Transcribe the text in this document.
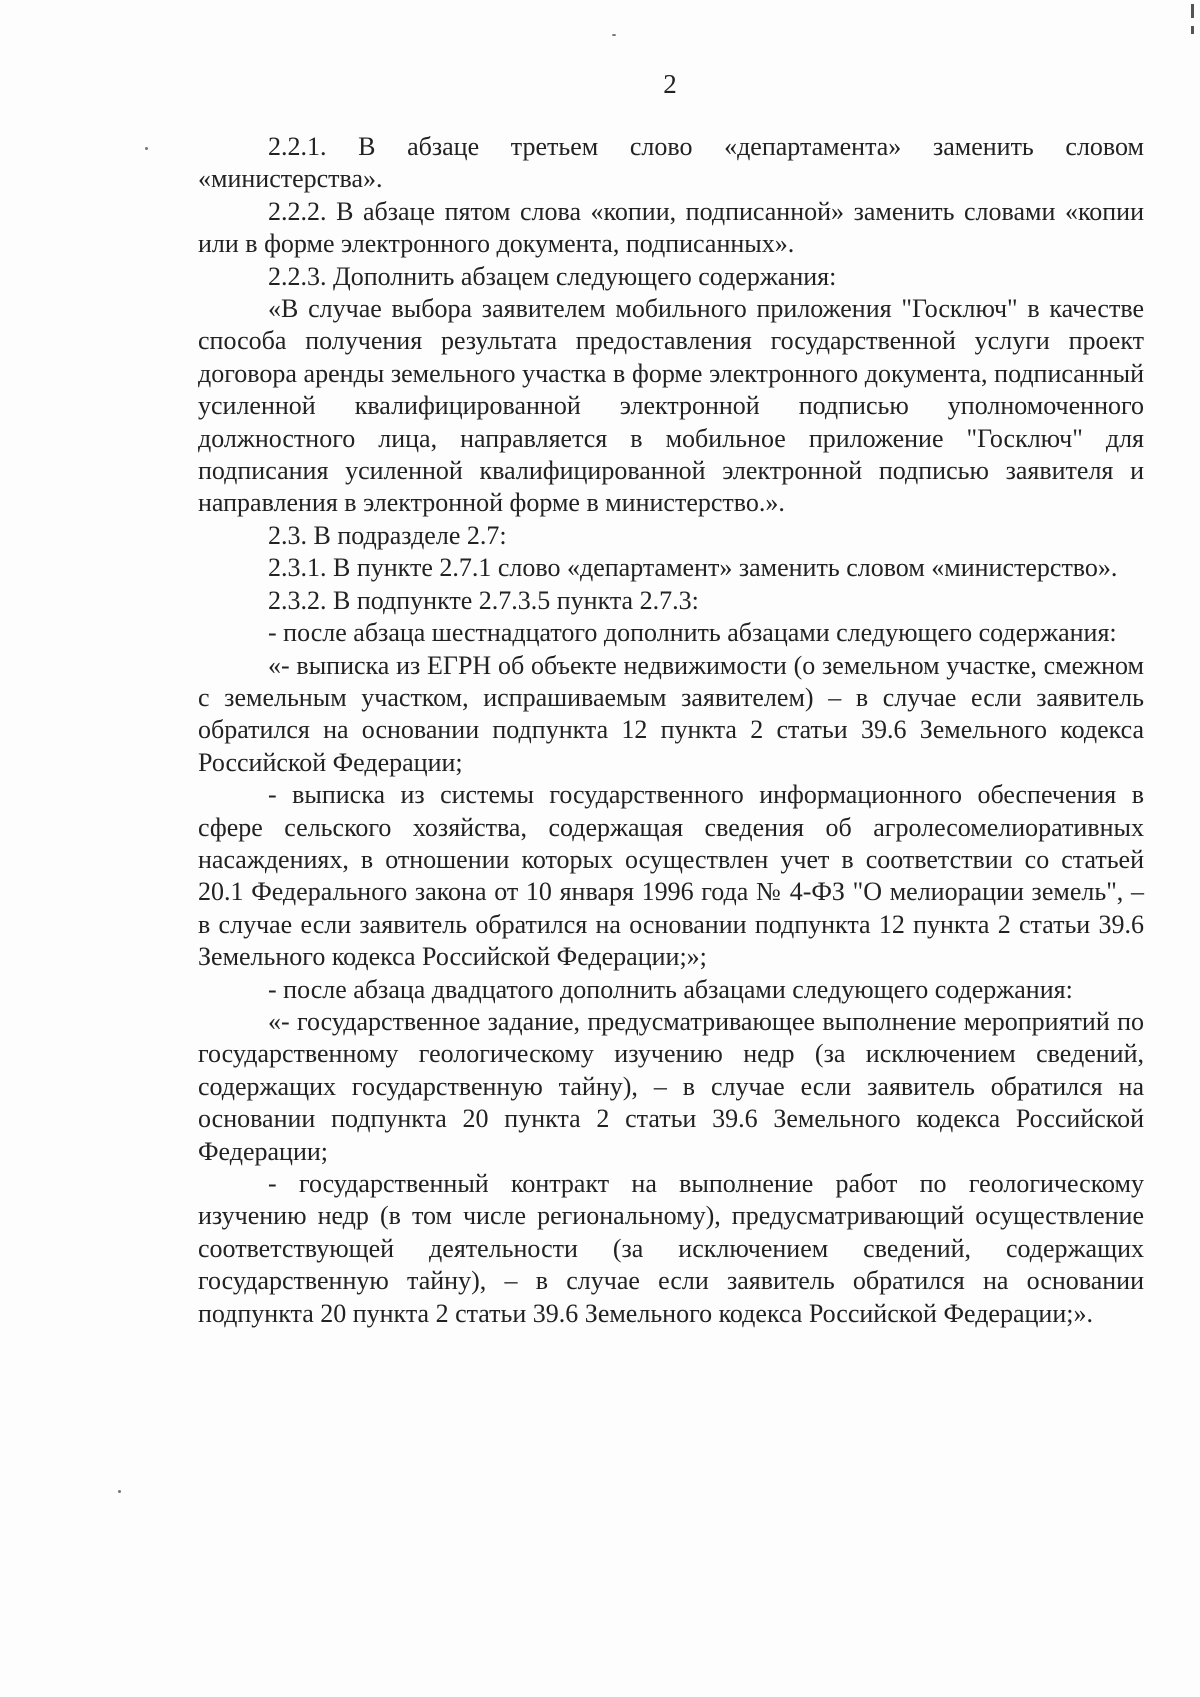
2

2.2.1. В абзаце третьем слово «департамента» заменить словом «министерства».

2.2.2. В абзаце пятом слова «копии, подписанной» заменить словами «копии или в форме электронного документа, подписанных».

2.2.3. Дополнить абзацем следующего содержания:

«В случае выбора заявителем мобильного приложения "Госключ" в качестве способа получения результата предоставления государственной услуги проект договора аренды земельного участка в форме электронного документа, подписанный усиленной квалифицированной электронной подписью уполномоченного должностного лица, направляется в мобильное приложение "Госключ" для подписания усиленной квалифицированной электронной подписью заявителя и направления в электронной форме в министерство.».

2.3. В подразделе 2.7:

2.3.1. В пункте 2.7.1 слово «департамент» заменить словом «министерство».

2.3.2. В подпункте 2.7.3.5 пункта 2.7.3:

- после абзаца шестнадцатого дополнить абзацами следующего содержания:

«- выписка из ЕГРН об объекте недвижимости (о земельном участке, смежном с земельным участком, испрашиваемым заявителем) – в случае если заявитель обратился на основании подпункта 12 пункта 2 статьи 39.6 Земельного кодекса Российской Федерации;

- выписка из системы государственного информационного обеспечения в сфере сельского хозяйства, содержащая сведения об агролесомелиоративных насаждениях, в отношении которых осуществлен учет в соответствии со статьей 20.1 Федерального закона от 10 января 1996 года № 4-ФЗ "О мелиорации земель", – в случае если заявитель обратился на основании подпункта 12 пункта 2 статьи 39.6 Земельного кодекса Российской Федерации;»;

- после абзаца двадцатого дополнить абзацами следующего содержания:

«- государственное задание, предусматривающее выполнение мероприятий по государственному геологическому изучению недр (за исключением сведений, содержащих государственную тайну), – в случае если заявитель обратился на основании подпункта 20 пункта 2 статьи 39.6 Земельного кодекса Российской Федерации;

- государственный контракт на выполнение работ по геологическому изучению недр (в том числе региональному), предусматривающий осуществление соответствующей деятельности (за исключением сведений, содержащих государственную тайну), – в случае если заявитель обратился на основании подпункта 20 пункта 2 статьи 39.6 Земельного кодекса Российской Федерации;».
